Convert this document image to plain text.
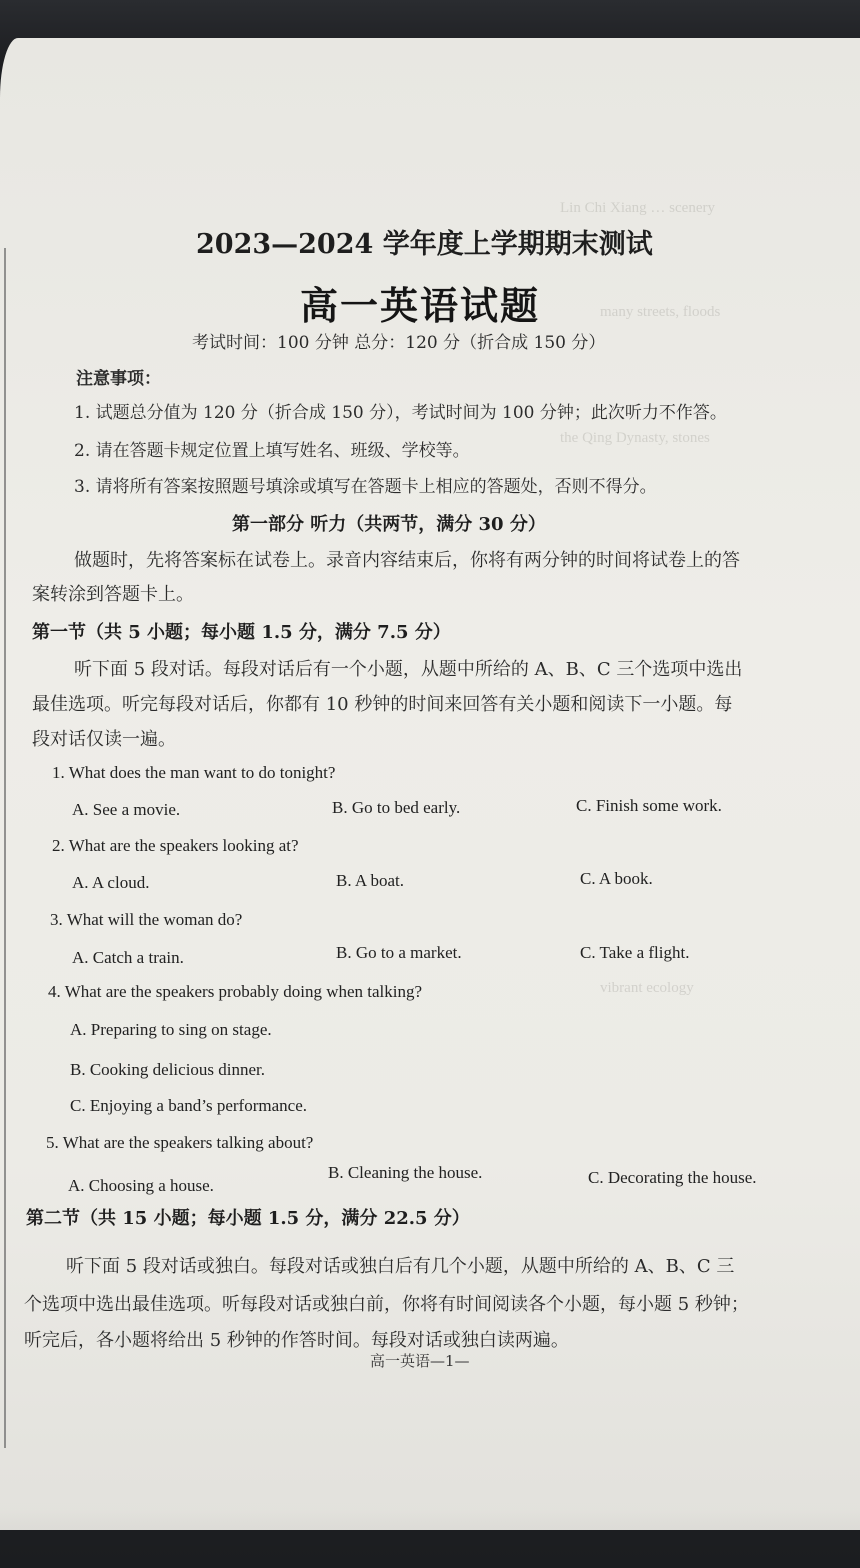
Lin Chi Xiang … scenery
many streets, floods
the Qing Dynasty, stones
vibrant ecology
2023—2024 学年度上学期期末测试
高一英语试题
考试时间：100 分钟 总分：120 分（折合成 150 分）
注意事项：
1. 试题总分值为 120 分（折合成 150 分），考试时间为 100 分钟；此次听力不作答。
2. 请在答题卡规定位置上填写姓名、班级、学校等。
3. 请将所有答案按照题号填涂或填写在答题卡上相应的答题处，否则不得分。
第一部分 听力（共两节，满分 30 分）
做题时，先将答案标在试卷上。录音内容结束后，你将有两分钟的时间将试卷上的答
案转涂到答题卡上。
第一节（共 5 小题；每小题 1.5 分，满分 7.5 分）
听下面 5 段对话。每段对话后有一个小题，从题中所给的 A、B、C 三个选项中选出
最佳选项。听完每段对话后，你都有 10 秒钟的时间来回答有关小题和阅读下一小题。每
段对话仅读一遍。
1. What does the man want to do tonight?
A. See a movie.	B. Go to bed early.	C. Finish some work.
2. What are the speakers looking at?
A. A cloud.	B. A boat.	C. A book.
3. What will the woman do?
A. Catch a train.	B. Go to a market.	C. Take a flight.
4. What are the speakers probably doing when talking?
A. Preparing to sing on stage.
B. Cooking delicious dinner.
C. Enjoying a band’s performance.
5. What are the speakers talking about?
A. Choosing a house.
B. Cleaning the house.	C. Decorating the house.
第二节（共 15 小题；每小题 1.5 分，满分 22.5 分）
听下面 5 段对话或独白。每段对话或独白后有几个小题，从题中所给的 A、B、C 三
个选项中选出最佳选项。听每段对话或独白前，你将有时间阅读各个小题，每小题 5 秒钟；
听完后，各小题将给出 5 秒钟的作答时间。每段对话或独白读两遍。
高一英语—1—
